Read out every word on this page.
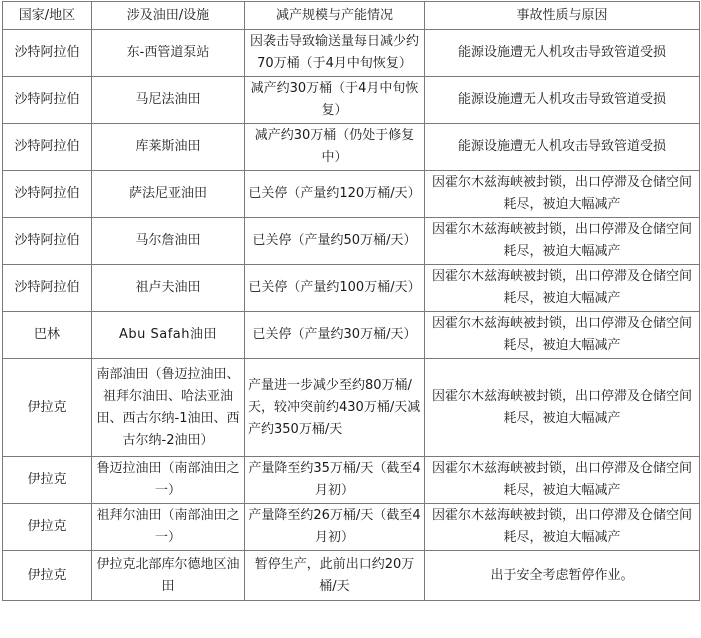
国家/地区	涉及油田/设施	减产规模与产能情况	事故性质与原因
沙特阿拉伯	东-西管道泵站	因袭击导致输送量每日减少约70万桶（于4月中旬恢复）	能源设施遭无人机攻击导致管道受损
沙特阿拉伯	马尼法油田	减产约30万桶（于4月中旬恢复）	能源设施遭无人机攻击导致管道受损
沙特阿拉伯	库莱斯油田	减产约30万桶（仍处于修复中）	能源设施遭无人机攻击导致管道受损
沙特阿拉伯	萨法尼亚油田	已关停（产量约120万桶/天）	因霍尔木兹海峡被封锁，出口停滞及仓储空间耗尽，被迫大幅减产
沙特阿拉伯	马尔詹油田	已关停（产量约50万桶/天）	因霍尔木兹海峡被封锁，出口停滞及仓储空间耗尽，被迫大幅减产
沙特阿拉伯	祖卢夫油田	已关停（产量约100万桶/天）	因霍尔木兹海峡被封锁，出口停滞及仓储空间耗尽，被迫大幅减产
巴林	Abu Safah油田	已关停（产量约30万桶/天）	因霍尔木兹海峡被封锁，出口停滞及仓储空间耗尽，被迫大幅减产
伊拉克	南部油田（鲁迈拉油田、祖拜尔油田、哈法亚油田、西古尔纳-1油田、西古尔纳-2油田）	产量进一步减少至约80万桶/天，较冲突前约430万桶/天减产约350万桶/天	因霍尔木兹海峡被封锁，出口停滞及仓储空间耗尽，被迫大幅减产
伊拉克	鲁迈拉油田（南部油田之一）	产量降至约35万桶/天（截至4月初）	因霍尔木兹海峡被封锁，出口停滞及仓储空间耗尽，被迫大幅减产
伊拉克	祖拜尔油田（南部油田之一）	产量降至约26万桶/天（截至4月初）	因霍尔木兹海峡被封锁，出口停滞及仓储空间耗尽，被迫大幅减产
伊拉克	伊拉克北部库尔德地区油田	暂停生产，此前出口约20万桶/天	出于安全考虑暂停作业。
